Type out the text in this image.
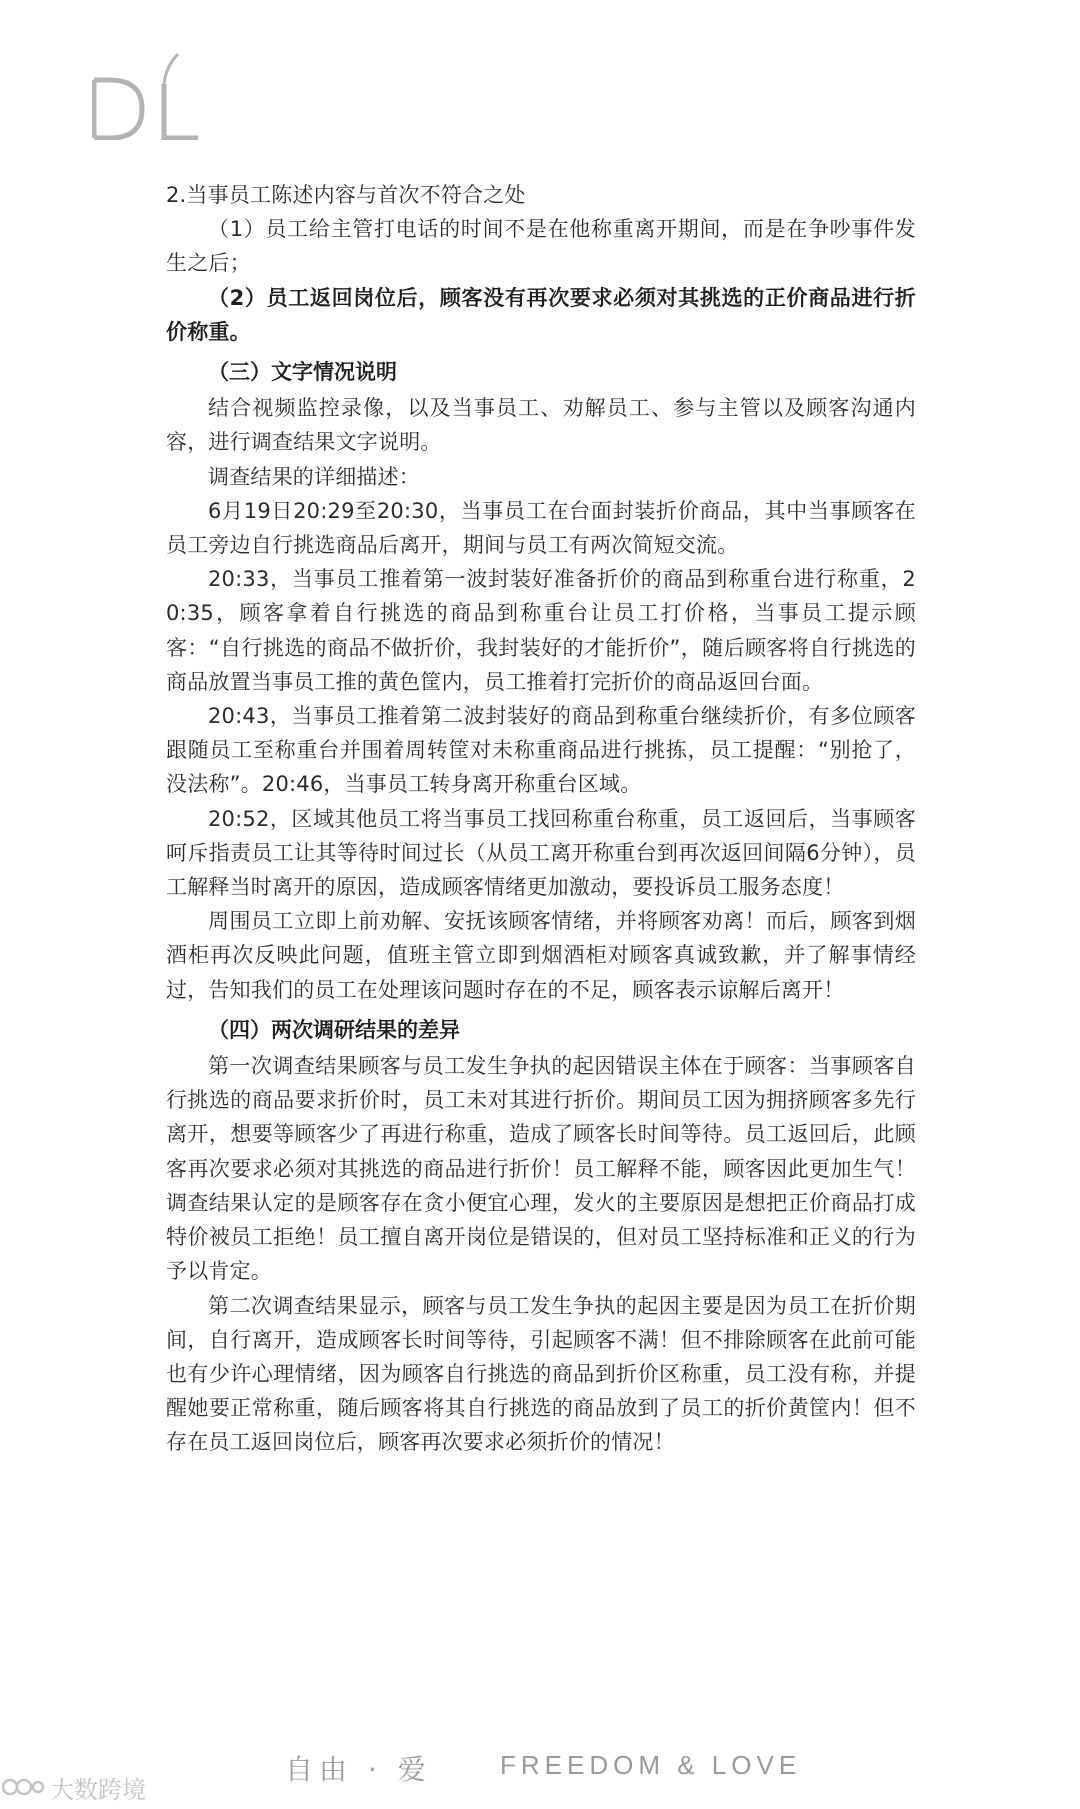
2.当事员工陈述内容与首次不符合之处

（1）员工给主管打电话的时间不是在他称重离开期间，而是在争吵事件发生之后；

（2）员工返回岗位后，顾客没有再次要求必须对其挑选的正价商品进行折价称重。

（三）文字情况说明

结合视频监控录像，以及当事员工、劝解员工、参与主管以及顾客沟通内容，进行调查结果文字说明。

调查结果的详细描述：

6月19日20:29至20:30，当事员工在台面封装折价商品，其中当事顾客在员工旁边自行挑选商品后离开，期间与员工有两次简短交流。

20:33，当事员工推着第一波封装好准备折价的商品到称重台进行称重，20:35，顾客拿着自行挑选的商品到称重台让员工打价格，当事员工提示顾客：“自行挑选的商品不做折价，我封装好的才能折价”，随后顾客将自行挑选的商品放置当事员工推的黄色筐内，员工推着打完折价的商品返回台面。

20:43，当事员工推着第二波封装好的商品到称重台继续折价，有多位顾客跟随员工至称重台并围着周转筐对未称重商品进行挑拣，员工提醒：“别抢了，没法称”。20:46，当事员工转身离开称重台区域。

20:52，区域其他员工将当事员工找回称重台称重，员工返回后，当事顾客呵斥指责员工让其等待时间过长（从员工离开称重台到再次返回间隔6分钟），员工解释当时离开的原因，造成顾客情绪更加激动，要投诉员工服务态度！

周围员工立即上前劝解、安抚该顾客情绪，并将顾客劝离！而后，顾客到烟酒柜再次反映此问题，值班主管立即到烟酒柜对顾客真诚致歉，并了解事情经过，告知我们的员工在处理该问题时存在的不足，顾客表示谅解后离开！

（四）两次调研结果的差异

第一次调查结果顾客与员工发生争执的起因错误主体在于顾客：当事顾客自行挑选的商品要求折价时，员工未对其进行折价。期间员工因为拥挤顾客多先行离开，想要等顾客少了再进行称重，造成了顾客长时间等待。员工返回后，此顾客再次要求必须对其挑选的商品进行折价！员工解释不能，顾客因此更加生气！调查结果认定的是顾客存在贪小便宜心理，发火的主要原因是想把正价商品打成特价被员工拒绝！员工擅自离开岗位是错误的，但对员工坚持标准和正义的行为予以肯定。

第二次调查结果显示，顾客与员工发生争执的起因主要是因为员工在折价期间，自行离开，造成顾客长时间等待，引起顾客不满！但不排除顾客在此前可能也有少许心理情绪，因为顾客自行挑选的商品到折价区称重，员工没有称，并提醒她要正常称重，随后顾客将其自行挑选的商品放到了员工的折价黄筐内！但不存在员工返回岗位后，顾客再次要求必须折价的情况！

自由 · 爱	FREEDOM & LOVE
大数跨境
